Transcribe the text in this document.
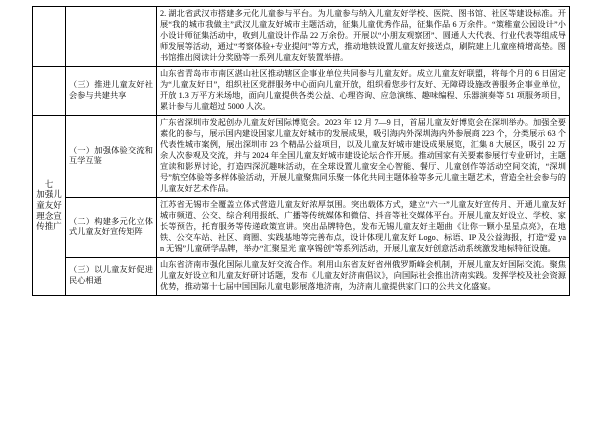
		2. 湖北省武汉市搭建多元化儿童参与平台。为儿童参与纳入儿童友好学校、医院、图书馆、社区等建设标准。开展“我的城市我做主”武汉儿童友好城市主题活动，征集儿童优秀作品，征集作品 6 万余件。“策稚童公园设计”小小设计师征集活动中，收到儿童设计作品 22 万余份。开展以“小朋友观察团”、圆通人大代表、行业代表等组成导师发展等活动，通过“考察体验+专业提问”等方式，推动地铁设置儿童友好接送点，刷院建上儿童座椅增高垫。图书馆推出阅读计分奖励等一系列儿童友好装置举措。

	（三）推进儿童友好社会参与共建共享	山东省青岛市市南区湛山社区推动辖区企事业单位共同参与儿童友好。成立儿童友好联盟，将每个月的 6 日固定为“儿童友好日”，组织社区党群服务中心面向儿童开放，组织看您步行友好、无障碍设施改善服务企事业单位，开放 1.3 万平方米场地，面向儿童提供各类公益、心理咨询、应急演练、趣味编程、乐器演奏等 51 项服务项目，累计参与儿童超过 5000 人次。

七
加强儿童友好理念宣传推广	（一）加强体验交流和互学互鉴	广东省深圳市发起创办儿童友好国际博览会。2023 年 12 月 7—9 日，首届儿童友好博览会在深圳举办。加强全要素化的参与，展示国内建设国家儿童友好城市的发展成果，吸引海内外深圳海内外参展商 223 个，分类展示 63 个代表性城市案例，展出深圳市 23 个精品公益项目，以及儿童友好城市建设成果展览，汇集 8 大展区，吸引 22 万余人次参观及交流，并与 2024 年全国儿童友好城市建设论坛合作开展。推动国家有关要素参展行专业研讨，主题宣读和影界讨论，打造四深沉趣味活动，在全球设置儿童安全心智能、餐厅、儿童创作等活动空间交流，“深圳号”航空体验等多样体验活动，开展儿童聚焦同乐聚一体化共同主题体验等多元儿童主题艺术，营造全社会参与的儿童友好艺术作品。

	（二）构建多元化立体式儿童友好宣传矩阵	江苏省无锡市全覆盖立体式营造儿童友好浓厚氛围。突出载体方式，建立“六一”儿童友好宣传月、开通儿童友好城市频道、公交、综合利用报纸、广播等传统媒体和微信、抖音等社交媒体平台。开展儿童友好设立、学校、家长等预告，托育服务等传递政策宣讲。突出品牌特色，发布无锡儿童友好主题曲《让你一颗小星星点亮》，在地铁、公交车站、社区、商圈、实践基地等完善布点，设计体现儿童友好 Logo、标语、IP 及公益海报，打造“爱 yan 无锡”儿童研学品牌，举办“汇聚星光 童享锡创”等系列活动，开展儿童友好创意活动系统激发地标特征设施。

	（三）以儿童友好促进民心相通	山东省济南市强化国际儿童友好交流合作。利用山东省友好省州俄罗斯峰会机制，开展儿童友好国际交流。聚焦儿童友好设立和儿童友好研讨话题，发布《儿童友好济南倡议》，向国际社会推出济南实践。发挥学校及社会资源优势，推动第十七届中国国际儿童电影展落地济南，为济南儿童提供家门口的公共文化盛宴。
